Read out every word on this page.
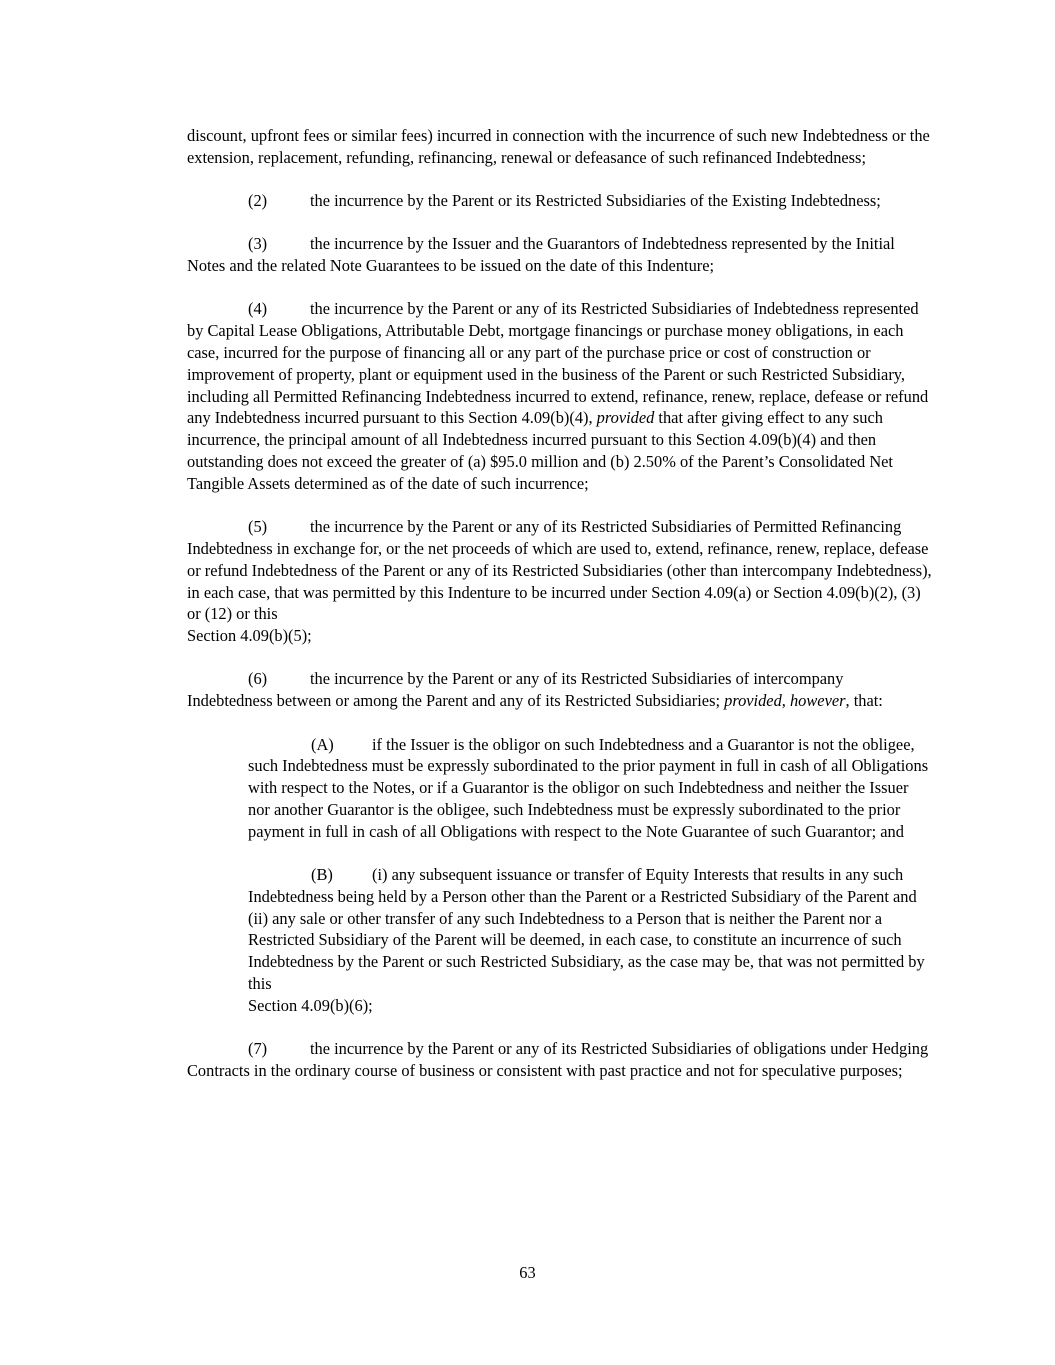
discount, upfront fees or similar fees) incurred in connection with the incurrence of such new Indebtedness or the extension, replacement, refunding, refinancing, renewal or defeasance of such refinanced Indebtedness;

(2)	the incurrence by the Parent or its Restricted Subsidiaries of the Existing Indebtedness;

(3)	the incurrence by the Issuer and the Guarantors of Indebtedness represented by the Initial Notes and the related Note Guarantees to be issued on the date of this Indenture;

(4)	the incurrence by the Parent or any of its Restricted Subsidiaries of Indebtedness represented by Capital Lease Obligations, Attributable Debt, mortgage financings or purchase money obligations, in each case, incurred for the purpose of financing all or any part of the purchase price or cost of construction or improvement of property, plant or equipment used in the business of the Parent or such Restricted Subsidiary, including all Permitted Refinancing Indebtedness incurred to extend, refinance, renew, replace, defease or refund any Indebtedness incurred pursuant to this Section 4.09(b)(4), provided that after giving effect to any such incurrence, the principal amount of all Indebtedness incurred pursuant to this Section 4.09(b)(4) and then outstanding does not exceed the greater of (a) $95.0 million and (b) 2.50% of the Parent’s Consolidated Net Tangible Assets determined as of the date of such incurrence;

(5)	the incurrence by the Parent or any of its Restricted Subsidiaries of Permitted Refinancing Indebtedness in exchange for, or the net proceeds of which are used to, extend, refinance, renew, replace, defease or refund Indebtedness of the Parent or any of its Restricted Subsidiaries (other than intercompany Indebtedness), in each case, that was permitted by this Indenture to be incurred under Section 4.09(a) or Section 4.09(b)(2), (3) or (12) or this
Section 4.09(b)(5);

(6)	the incurrence by the Parent or any of its Restricted Subsidiaries of intercompany Indebtedness between or among the Parent and any of its Restricted Subsidiaries; provided, however, that:

(A) if the Issuer is the obligor on such Indebtedness and a Guarantor is not the obligee, such Indebtedness must be expressly subordinated to the prior payment in full in cash of all Obligations with respect to the Notes, or if a Guarantor is the obligor on such Indebtedness and neither the Issuer nor another Guarantor is the obligee, such Indebtedness must be expressly subordinated to the prior payment in full in cash of all Obligations with respect to the Note Guarantee of such Guarantor; and

(B) (i) any subsequent issuance or transfer of Equity Interests that results in any such Indebtedness being held by a Person other than the Parent or a Restricted Subsidiary of the Parent and (ii) any sale or other transfer of any such Indebtedness to a Person that is neither the Parent nor a Restricted Subsidiary of the Parent will be deemed, in each case, to constitute an incurrence of such Indebtedness by the Parent or such Restricted Subsidiary, as the case may be, that was not permitted by this
Section 4.09(b)(6);

(7)	the incurrence by the Parent or any of its Restricted Subsidiaries of obligations under Hedging Contracts in the ordinary course of business or consistent with past practice and not for speculative purposes;

63
